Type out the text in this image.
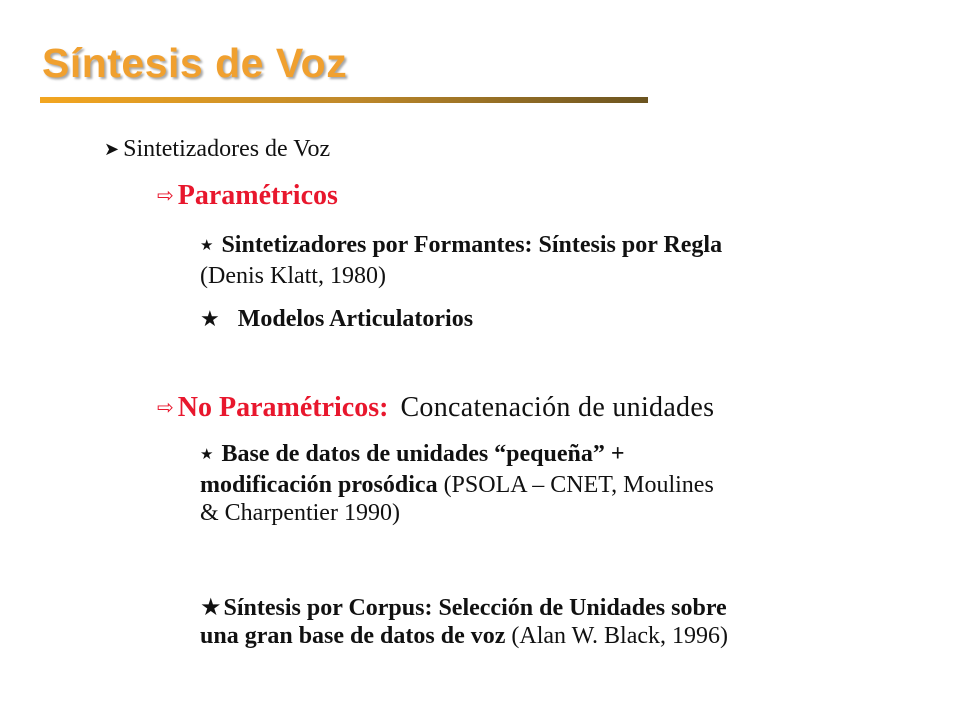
Síntesis de Voz
➤ Sintetizadores de Voz
⇨ Paramétricos
★ Sintetizadores por Formantes: Síntesis por Regla
(Denis Klatt, 1980)
★ Modelos Articulatorios
⇨ No Paramétricos: Concatenación de unidades
★ Base de datos de unidades “pequeña” +
modificación prosódica (PSOLA – CNET, Moulines
& Charpentier 1990)
★Síntesis por Corpus: Selección de Unidades sobre
una gran base de datos de voz (Alan W. Black, 1996)
